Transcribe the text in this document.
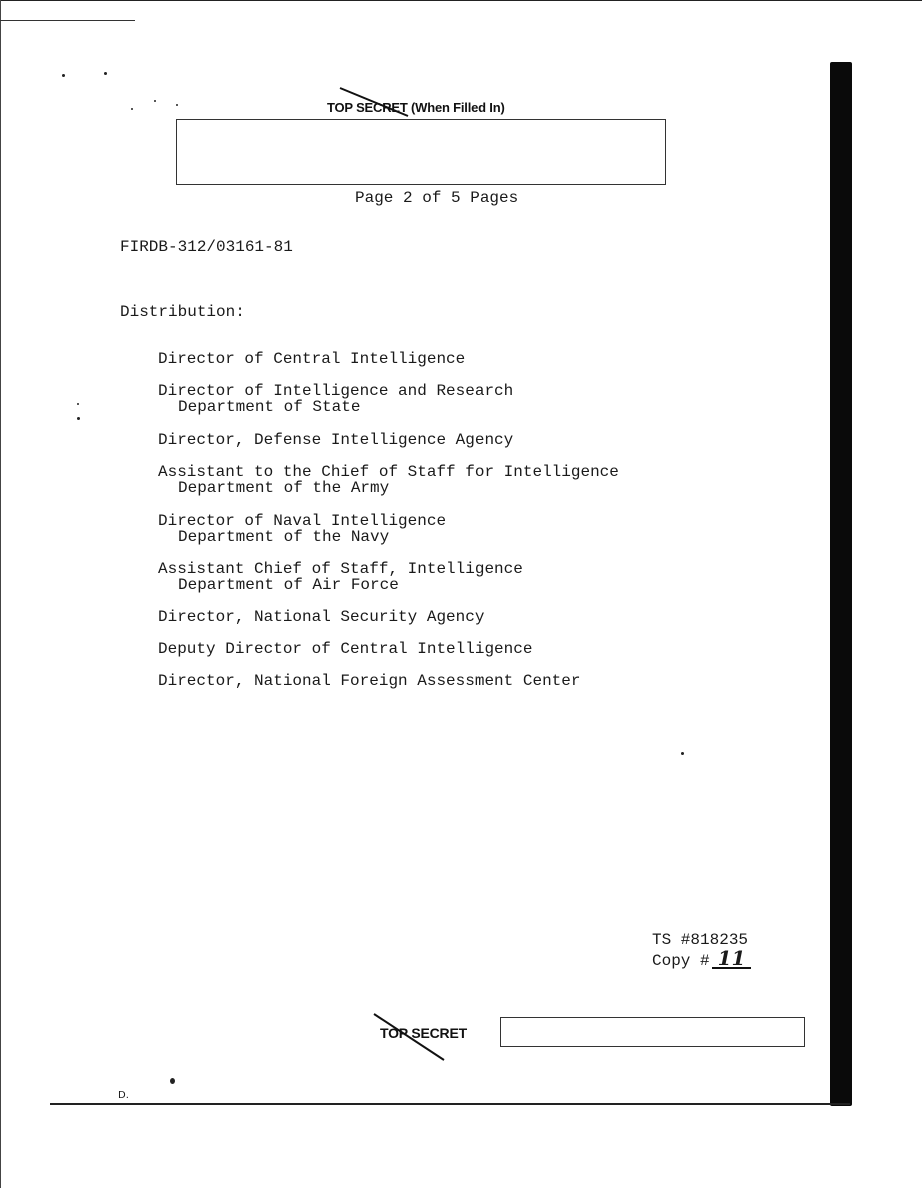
TOP SECRET (When Filled In)
Page 2 of 5 Pages
FIRDB-312/03161-81
Distribution:
Director of Central Intelligence
Director of Intelligence and Research
Department of State
Director, Defense Intelligence Agency
Assistant to the Chief of Staff for Intelligence
Department of the Army
Director of Naval Intelligence
Department of the Navy
Assistant Chief of Staff, Intelligence
Department of Air Force
Director, National Security Agency
Deputy Director of Central Intelligence
Director, National Foreign Assessment Center
TS #818235
Copy # 11
TOP SECRET
D.
